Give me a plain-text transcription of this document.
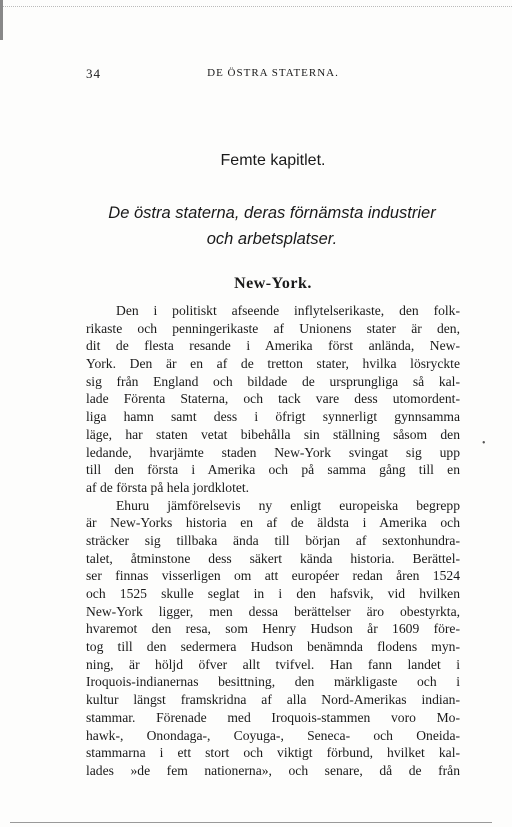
34	DE ÖSTRA STATERNA.
Femte kapitlet.
De östra staterna, deras förnämsta industrier
och arbetsplatser.
New-York.
Den i politiskt afseende inflytelserikaste, den folk-
rikaste och penningerikaste af Unionens stater är den,
dit de flesta resande i Amerika först anlända, New-
York. Den är en af de tretton stater, hvilka lösryckte
sig från England och bildade de ursprungliga så kal-
lade Förenta Staterna, och tack vare dess utomordent-
liga hamn samt dess i öfrigt synnerligt gynnsamma
läge, har staten vetat bibehålla sin ställning såsom den
ledande, hvarjämte staden New-York svingat sig upp
till den första i Amerika och på samma gång till en
af de första på hela jordklotet.
Ehuru jämförelsevis ny enligt europeiska begrepp
är New-Yorks historia en af de äldsta i Amerika och
sträcker sig tillbaka ända till början af sextonhundra-
talet, åtminstone dess säkert kända historia. Berättel-
ser finnas visserligen om att européer redan åren 1524
och 1525 skulle seglat in i den hafsvik, vid hvilken
New-York ligger, men dessa berättelser äro obestyrkta,
hvaremot den resa, som Henry Hudson år 1609 före-
tog till den sedermera Hudson benämnda flodens myn-
ning, är höljd öfver allt tvifvel. Han fann landet i
Iroquois-indianernas besittning, den märkligaste och i
kultur längst framskridna af alla Nord-Amerikas indian-
stammar. Förenade med Iroquois-stammen voro Mo-
hawk-, Onondaga-, Coyuga-, Seneca- och Oneida-
stammarna i ett stort och viktigt förbund, hvilket kal-
lades »de fem nationerna», och senare, då de från
•
